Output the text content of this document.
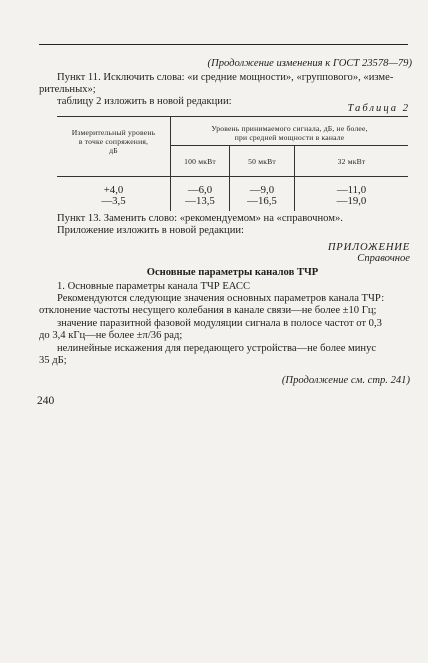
(Продолжение изменения к ГОСТ 23578—79)
Пункт 11. Исключить слова: «и средние мощности», «группового», «изме-
рительных»;
таблицу 2 изложить в новой редакции:
Таблица 2
Измерительный уровень
в точке сопряжения,
дБ
Уровень принимаемого сигнала, дБ, не более,
при средней мощности в канале
100 мкВт	50 мкВт	32 мкВт
+4,0	—6,0	—9,0	—11,0
—3,5	—13,5	—16,5	—19,0
Пункт 13. Заменить слово: «рекомендуемом» на «справочном».
Приложение изложить в новой редакции:
ПРИЛОЖЕНИЕ
Справочное
Основные параметры каналов ТЧР
1. Основные параметры канала ТЧР ЕАСС
Рекомендуются следующие значения основных параметров канала ТЧР:
отклонение частоты несущего колебания в канале связи—не более ±10 Гц;
значение паразитной фазовой модуляции сигнала в полосе частот от 0,3
до 3,4 кГц—не более ±π/36 рад;
нелинейные искажения для передающего устройства—не более минус
35 дБ;
(Продолжение см. стр. 241)
240
